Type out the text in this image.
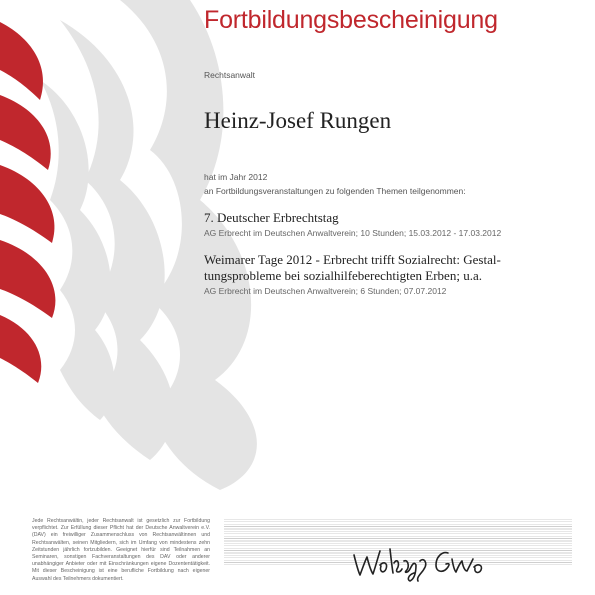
Fortbildungsbescheinigung
Rechtsanwalt
Heinz-Josef Rungen
hat im Jahr 2012
an Fortbildungsveranstaltungen zu folgenden Themen teilgenommen:
7. Deutscher Erbrechtstag
AG Erbrecht im Deutschen Anwaltverein; 10 Stunden; 15.03.2012 - 17.03.2012
Weimarer Tage 2012 - Erbrecht trifft Sozialrecht: Gestal-
tungsprobleme bei sozialhilfeberechtigten Erben; u.a.
AG Erbrecht im Deutschen Anwaltverein; 6 Stunden; 07.07.2012
Jede Rechtsanwältin, jeder Rechtsanwalt ist gesetzlich zur Fortbildung verpflichtet. Zur Erfüllung dieser Pflicht hat der Deutsche Anwaltverein e.V. (DAV) ein freiwilliger Zusammenschluss von Rechtsanwältinnen und Rechtsanwälten, seinen Mitgliedern, sich im Umfang von mindestens zehn Zeitstunden jährlich fortzubilden. Geeignet hierfür sind Teilnahmen an Seminaren, sonstigen Fachveranstaltungen des DAV oder anderer unabhängiger Anbieter oder mit Einschränkungen eigene Dozententätigkeit. Mit dieser Bescheinigung ist eine berufliche Fortbildung nach eigener Auswahl des Teilnehmers dokumentiert.
